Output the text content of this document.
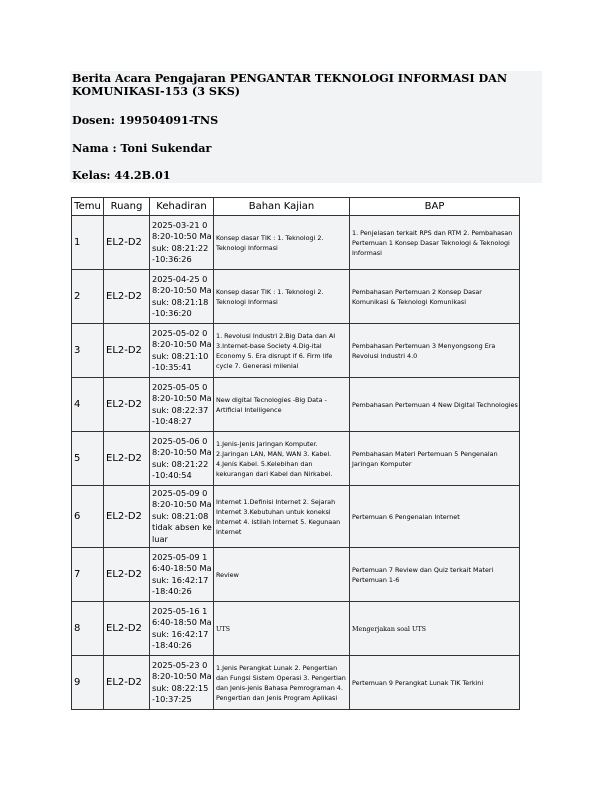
Berita Acara Pengajaran PENGANTAR TEKNOLOGI INFORMASI DAN KOMUNIKASI-153 (3 SKS)
Dosen: 199504091-TNS
Nama : Toni Sukendar
Kelas: 44.2B.01
Temu	Ruang	Kehadiran	Bahan Kajian	BAP
1	EL2-D2	2025-03-21 08:20-10:50 Masuk: 08:21:22 -10:36:26	Konsep dasar TIK : 1. Teknologi 2. Teknologi Informasi	1. Penjelasan terkait RPS dan RTM 2. Pembahasan Pertemuan 1 Konsep Dasar Teknologi & Teknologi Informasi
2	EL2-D2	2025-04-25 08:20-10:50 Masuk: 08:21:18 -10:36:20	Konsep dasar TIK : 1. Teknologi 2. Teknologi Informasi	Pembahasan Pertemuan 2 Konsep Dasar Komunikasi & Teknologi Komunikasi
3	EL2-D2	2025-05-02 08:20-10:50 Masuk: 08:21:10 -10:35:41	1. Revolusi Industri 2.Big Data dan AI 3.Internet-base Society 4.Dig-ital Economy 5. Era disrupt if 6. Firm life cycle 7. Generasi milenial	Pembahasan Pertemuan 3 Menyongsong Era Revolusi Industri 4.0
4	EL2-D2	2025-05-05 08:20-10:50 Masuk: 08:22:37 -10:48:27	New digital Tecnologies -Big Data -Artificial Intelligence	Pembahasan Pertemuan 4 New Digital Technologies
5	EL2-D2	2025-05-06 08:20-10:50 Masuk: 08:21:22 -10:40:54	1.Jenis-Jenis Jaringan Komputer. 2.Jaringan LAN, MAN, WAN 3. Kabel. 4.Jenis Kabel. 5.Kelebihan dan kekurangan dari Kabel dan Nirkabel.	Pembahasan Materi Pertemuan 5 Pengenalan Jaringan Komputer
6	EL2-D2	2025-05-09 08:20-10:50 Masuk: 08:21:08 tidak absen keluar	Internet 1.Definisi Internet 2. Sejarah Internet 3.Kebutuhan untuk koneksi Internet 4. Istilah Internet 5. Kegunaan Internet	Pertemuan 6 Pengenalan Internet
7	EL2-D2	2025-05-09 16:40-18:50 Masuk: 16:42:17 -18:40:26	Review	Pertemuan 7 Review dan Quiz terkait Materi Pertemuan 1-6
8	EL2-D2	2025-05-16 16:40-18:50 Masuk: 16:42:17 -18:40:26	UTS	Mengerjakan soal UTS
9	EL2-D2	2025-05-23 08:20-10:50 Masuk: 08:22:15 -10:37:25	1.Jenis Perangkat Lunak 2. Pengertian dan Fungsi Sistem Operasi 3. Pengertian dan Jenis-jenis Bahasa Pemrograman 4. Pengertian dan Jenis Program Aplikasi	Pertemuan 9 Perangkat Lunak TIK Terkini
